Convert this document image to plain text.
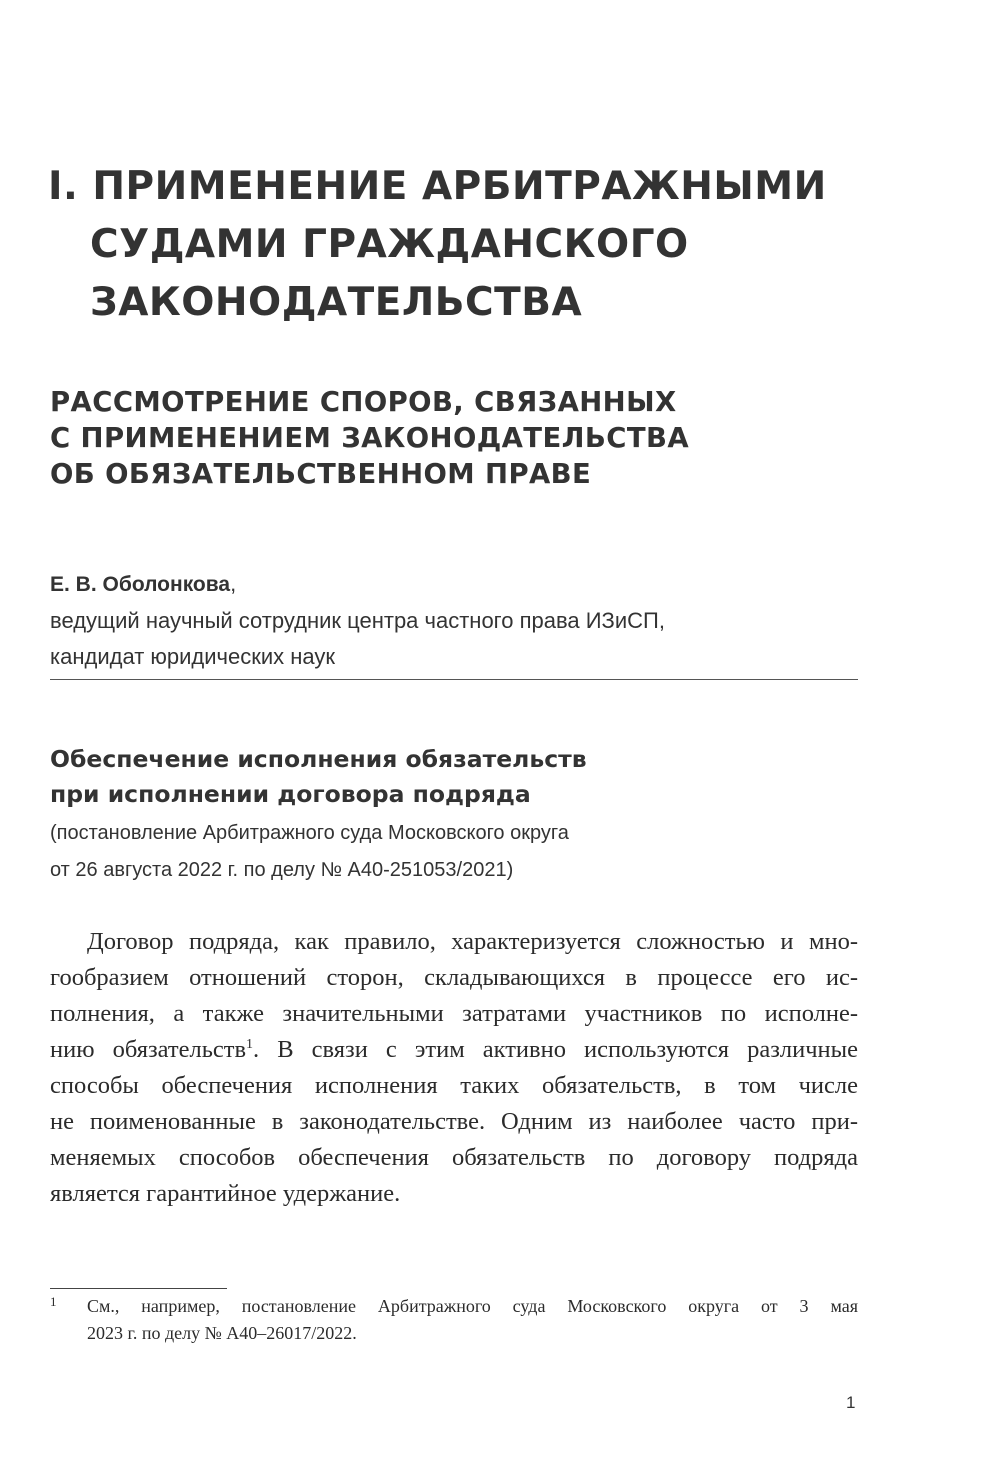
I. ПРИМЕНЕНИЕ АРБИТРАЖНЫМИ
СУДАМИ ГРАЖДАНСКОГО
ЗАКОНОДАТЕЛЬСТВА
РАССМОТРЕНИЕ СПОРОВ, СВЯЗАННЫХ
С ПРИМЕНЕНИЕМ ЗАКОНОДАТЕЛЬСТВА
ОБ ОБЯЗАТЕЛЬСТВЕННОМ ПРАВЕ
Е. В. Оболонкова,
ведущий научный сотрудник центра частного права ИЗиСП,
кандидат юридических наук
Обеспечение исполнения обязательств
при исполнении договора подряда
(постановление Арбитражного суда Московского округа
от 26 августа 2022 г. по делу № А40-251053/2021)

Договор подряда, как правило, характеризуется сложностью и мно-
гообразием отношений сторон, складывающихся в процессе его ис-
полнения, а также значительными затратами участников по исполне-
нию обязательств$^1$. В связи с этим активно используются различные
способы обеспечения исполнения таких обязательств, в том числе
не поименованные в законодательстве. Одним из наиболее часто при-
меняемых способов обеспечения обязательств по договору подряда
является гарантийное удержание.

1 См., например, постановление Арбитражного суда Московского округа от 3 мая
2023 г. по делу № А40–26017/2022.
1
